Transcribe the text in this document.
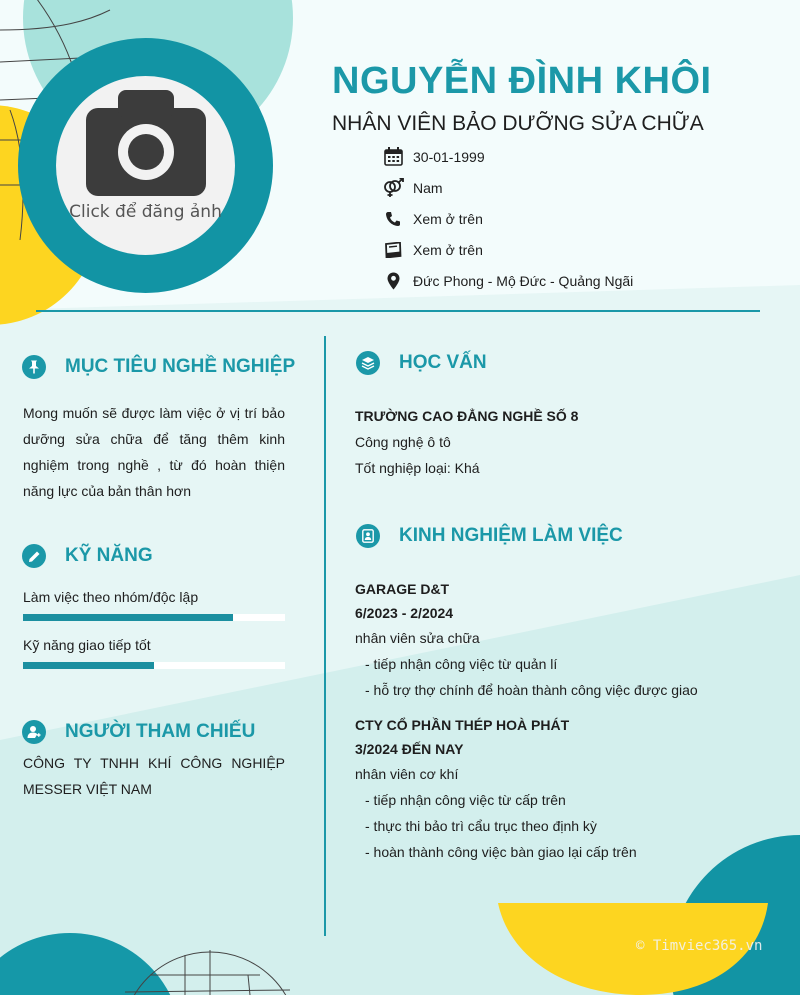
Click để đăng ảnh
NGUYỄN ĐÌNH KHÔI
NHÂN VIÊN BẢO DƯỠNG SỬA CHỮA
30-01-1999
Nam
Xem ở trên
Xem ở trên
Đức Phong - Mộ Đức - Quảng Ngãi
MỤC TIÊU NGHỀ NGHIỆP
Mong muốn sẽ được làm việc ở vị trí bảo dưỡng sửa chữa để tăng thêm kinh nghiệm trong nghề , từ đó hoàn thiện năng lực của bản thân hơn
KỸ NĂNG
Làm việc theo nhóm/độc lập
Kỹ năng giao tiếp tốt
NGƯỜI THAM CHIẾU
CÔNG TY TNHH KHÍ CÔNG NGHIỆP MESSER VIỆT NAM
HỌC VẤN
TRƯỜNG CAO ĐẲNG NGHỀ SỐ 8
Công nghệ ô tô
Tốt nghiệp loại: Khá
KINH NGHIỆM LÀM VIỆC
GARAGE D&T
6/2023 - 2/2024
nhân viên sửa chữa
- tiếp nhận công việc từ quản lí
- hỗ trợ thợ chính để hoàn thành công việc được giao
CTY CỔ PHẦN THÉP HOÀ PHÁT
3/2024 ĐẾN NAY
nhân viên cơ khí
- tiếp nhận công việc từ cấp trên
- thực thi bảo trì cẩu trục theo định kỳ
- hoàn thành công việc bàn giao lại cấp trên
© Timviec365.vn
